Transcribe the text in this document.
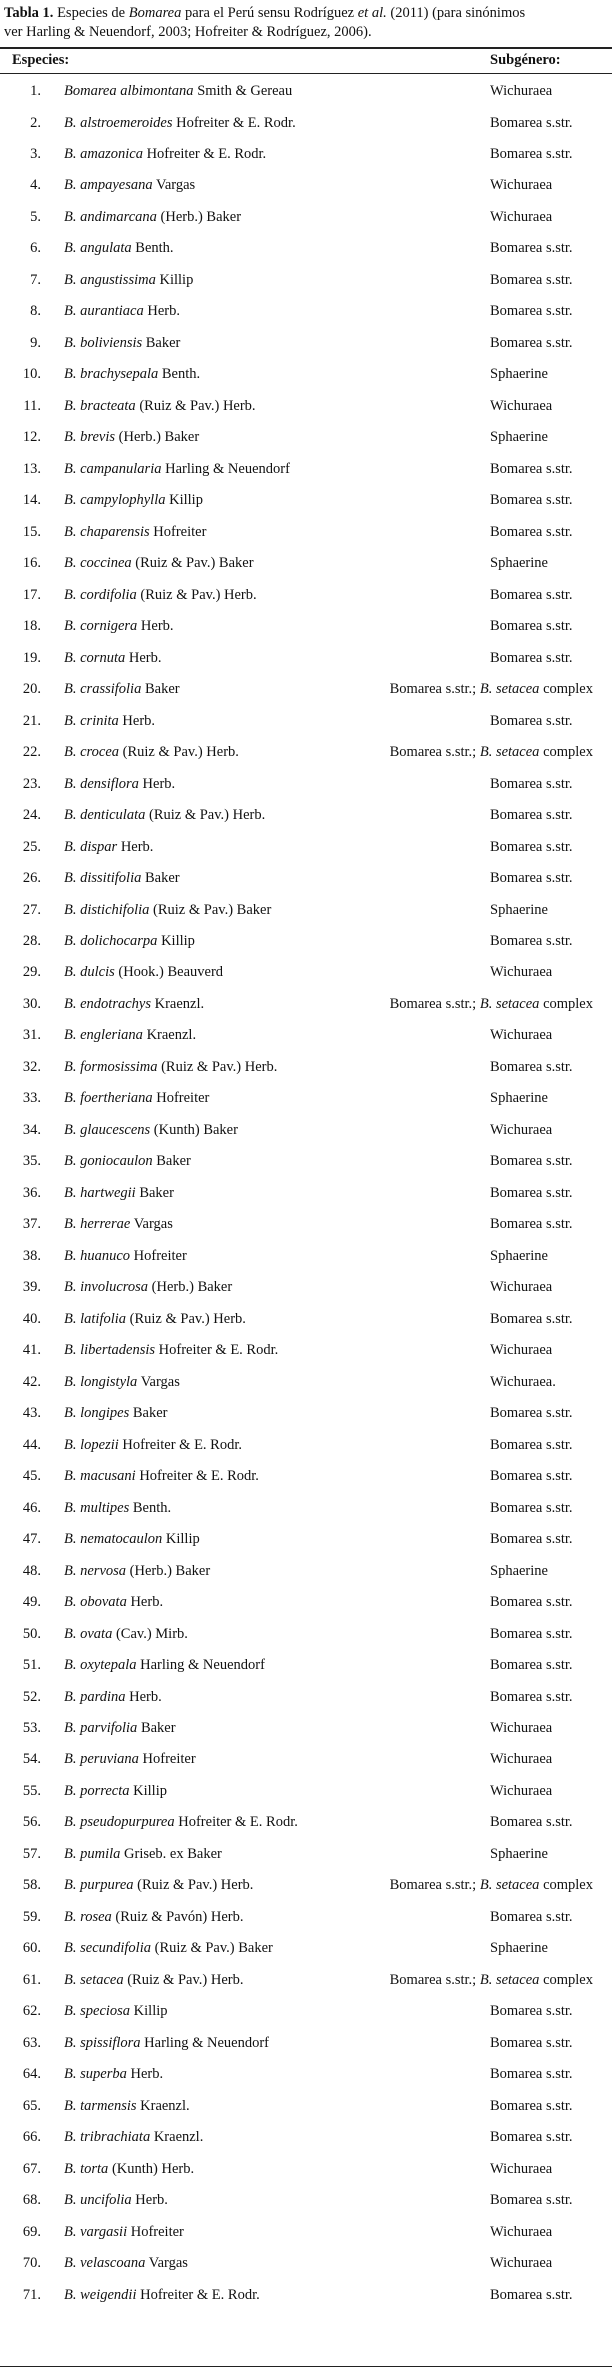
Tabla 1. Especies de Bomarea para el Perú sensu Rodríguez et al. (2011) (para sinónimos
ver Harling & Neuendorf, 2003; Hofreiter & Rodríguez, 2006).
Especies:	Subgénero:
1. Bomarea albimontana Smith & Gereau	Wichuraea
2. B. alstroemeroides Hofreiter & E. Rodr.	Bomarea s.str.
3. B. amazonica Hofreiter & E. Rodr.	Bomarea s.str.
4. B. ampayesana Vargas	Wichuraea
5. B. andimarcana (Herb.) Baker	Wichuraea
6. B. angulata Benth.	Bomarea s.str.
7. B. angustissima Killip	Bomarea s.str.
8. B. aurantiaca Herb.	Bomarea s.str.
9. B. boliviensis Baker	Bomarea s.str.
10. B. brachysepala Benth.	Sphaerine
11. B. bracteata (Ruiz & Pav.) Herb.	Wichuraea
12. B. brevis (Herb.) Baker	Sphaerine
13. B. campanularia Harling & Neuendorf	Bomarea s.str.
14. B. campylophylla Killip	Bomarea s.str.
15. B. chaparensis Hofreiter	Bomarea s.str.
16. B. coccinea (Ruiz & Pav.) Baker	Sphaerine
17. B. cordifolia (Ruiz & Pav.) Herb.	Bomarea s.str.
18. B. cornigera Herb.	Bomarea s.str.
19. B. cornuta Herb.	Bomarea s.str.
20. B. crassifolia Baker	Bomarea s.str.; B. setacea complex
21. B. crinita Herb.	Bomarea s.str.
22. B. crocea (Ruiz & Pav.) Herb.	Bomarea s.str.; B. setacea complex
23. B. densiflora Herb.	Bomarea s.str.
24. B. denticulata (Ruiz & Pav.) Herb.	Bomarea s.str.
25. B. dispar Herb.	Bomarea s.str.
26. B. dissitifolia Baker	Bomarea s.str.
27. B. distichifolia (Ruiz & Pav.) Baker	Sphaerine
28. B. dolichocarpa Killip	Bomarea s.str.
29. B. dulcis (Hook.) Beauverd	Wichuraea
30. B. endotrachys Kraenzl.	Bomarea s.str.; B. setacea complex
31. B. engleriana Kraenzl.	Wichuraea
32. B. formosissima (Ruiz & Pav.) Herb.	Bomarea s.str.
33. B. foertheriana Hofreiter	Sphaerine
34. B. glaucescens (Kunth) Baker	Wichuraea
35. B. goniocaulon Baker	Bomarea s.str.
36. B. hartwegii Baker	Bomarea s.str.
37. B. herrerae Vargas	Bomarea s.str.
38. B. huanuco Hofreiter	Sphaerine
39. B. involucrosa (Herb.) Baker	Wichuraea
40. B. latifolia (Ruiz & Pav.) Herb.	Bomarea s.str.
41. B. libertadensis Hofreiter & E. Rodr.	Wichuraea
42. B. longistyla Vargas	Wichuraea.
43. B. longipes Baker	Bomarea s.str.
44. B. lopezii Hofreiter & E. Rodr.	Bomarea s.str.
45. B. macusani Hofreiter & E. Rodr.	Bomarea s.str.
46. B. multipes Benth.	Bomarea s.str.
47. B. nematocaulon Killip	Bomarea s.str.
48. B. nervosa (Herb.) Baker	Sphaerine
49. B. obovata Herb.	Bomarea s.str.
50. B. ovata (Cav.) Mirb.	Bomarea s.str.
51. B. oxytepala Harling & Neuendorf	Bomarea s.str.
52. B. pardina Herb.	Bomarea s.str.
53. B. parvifolia Baker	Wichuraea
54. B. peruviana Hofreiter	Wichuraea
55. B. porrecta Killip	Wichuraea
56. B. pseudopurpurea Hofreiter & E. Rodr.	Bomarea s.str.
57. B. pumila Griseb. ex Baker	Sphaerine
58. B. purpurea (Ruiz & Pav.) Herb.	Bomarea s.str.; B. setacea complex
59. B. rosea (Ruiz & Pavón) Herb.	Bomarea s.str.
60. B. secundifolia (Ruiz & Pav.) Baker	Sphaerine
61. B. setacea (Ruiz & Pav.) Herb.	Bomarea s.str.; B. setacea complex
62. B. speciosa Killip	Bomarea s.str.
63. B. spissiflora Harling & Neuendorf	Bomarea s.str.
64. B. superba Herb.	Bomarea s.str.
65. B. tarmensis Kraenzl.	Bomarea s.str.
66. B. tribrachiata Kraenzl.	Bomarea s.str.
67. B. torta (Kunth) Herb.	Wichuraea
68. B. uncifolia Herb.	Bomarea s.str.
69. B. vargasii Hofreiter	Wichuraea
70. B. velascoana Vargas	Wichuraea
71. B. weigendii Hofreiter & E. Rodr.	Bomarea s.str.
